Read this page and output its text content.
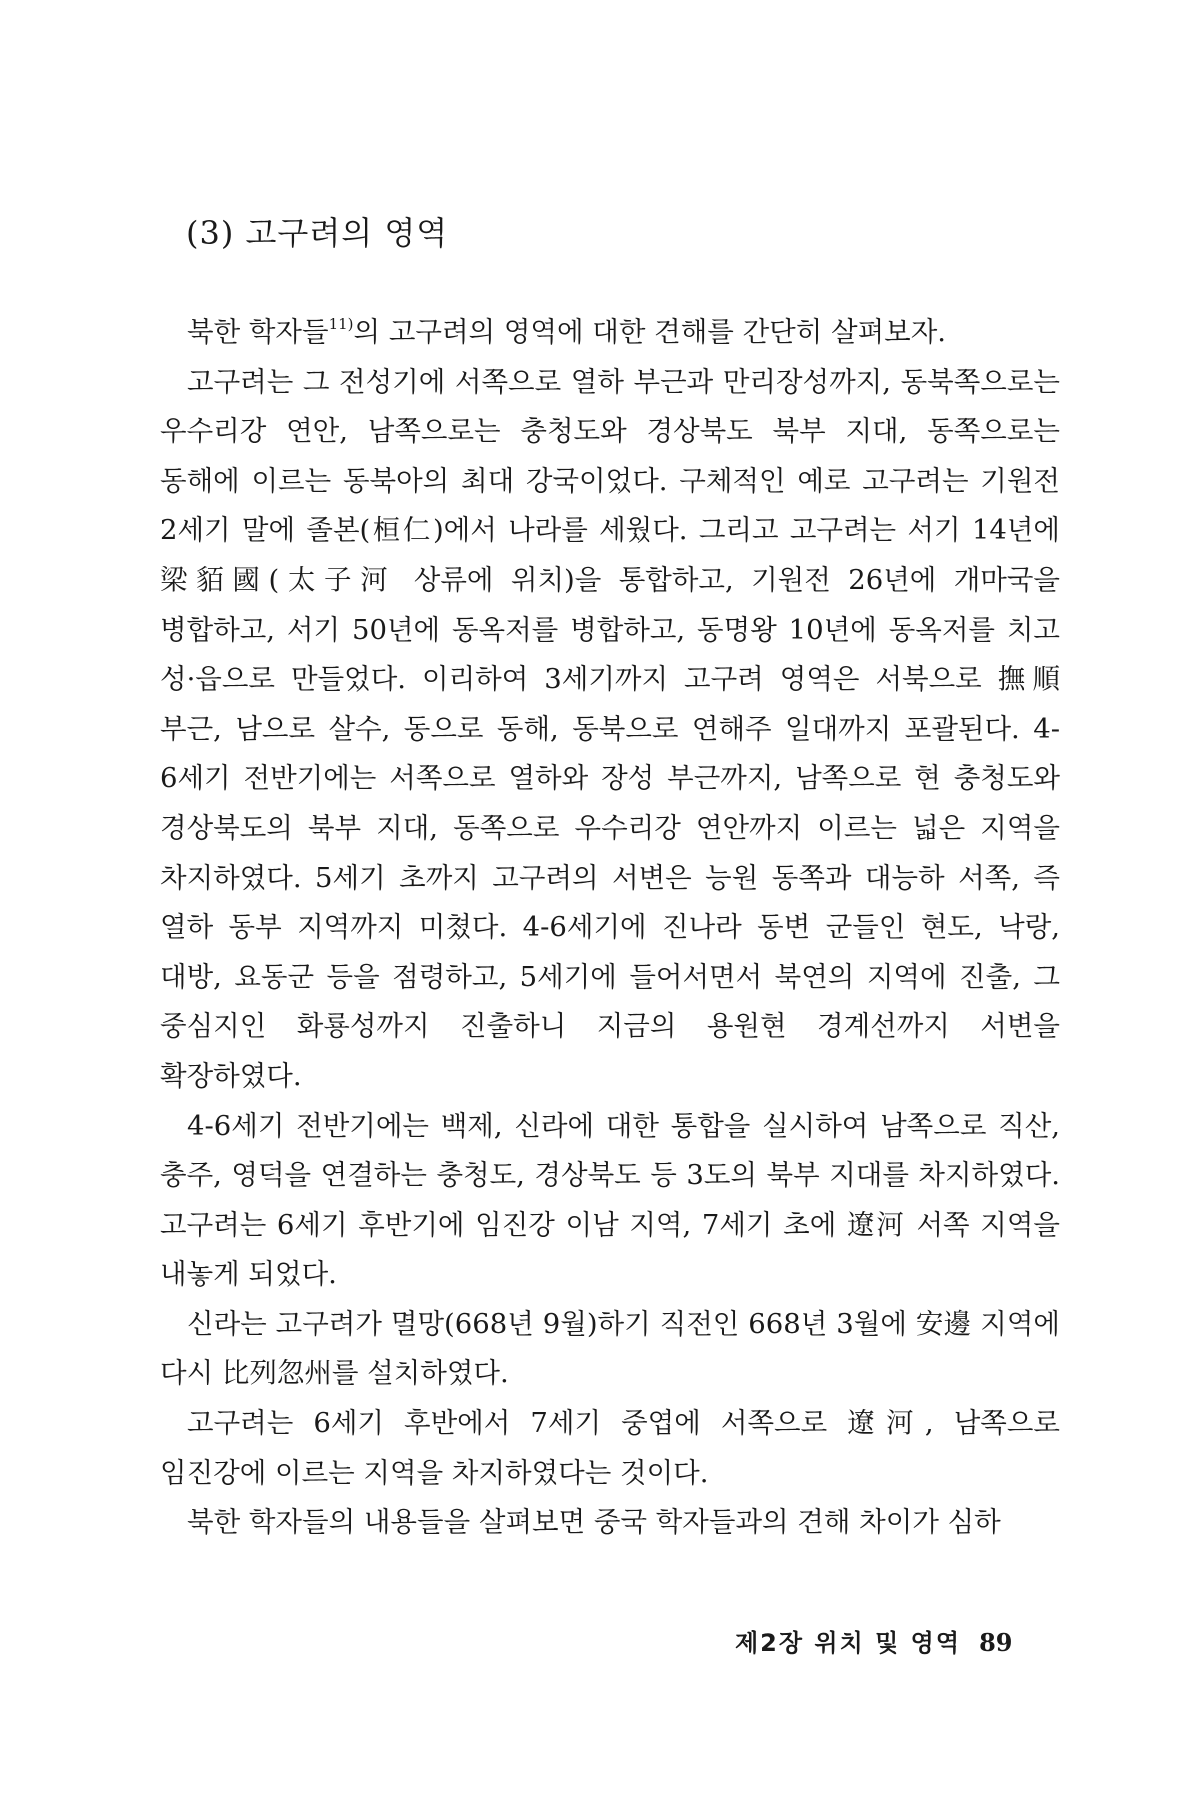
(3) 고구려의 영역

북한 학자들$^{11)}$의 고구려의 영역에 대한 견해를 간단히 살펴보자.

고구려는 그 전성기에 서쪽으로 열하 부근과 만리장성까지, 동북쪽으로는 우수리강 연안, 남쪽으로는 충청도와 경상북도 북부 지대, 동쪽으로는 동해에 이르는 동북아의 최대 강국이었다. 구체적인 예로 고구려는 기원전 2세기 말에 졸본(桓仁)에서 나라를 세웠다. 그리고 고구려는 서기 14년에 梁貊國(太子河 상류에 위치)을 통합하고, 기원전 26년에 개마국을 병합하고, 서기 50년에 동옥저를 병합하고, 동명왕 10년에 동옥저를 치고 성·읍으로 만들었다. 이리하여 3세기까지 고구려 영역은 서북으로 撫順 부근, 남으로 살수, 동으로 동해, 동북으로 연해주 일대까지 포괄된다. 4-6세기 전반기에는 서쪽으로 열하와 장성 부근까지, 남쪽으로 현 충청도와 경상북도의 북부 지대, 동쪽으로 우수리강 연안까지 이르는 넓은 지역을 차지하였다. 5세기 초까지 고구려의 서변은 능원 동쪽과 대능하 서쪽, 즉 열하 동부 지역까지 미쳤다. 4-6세기에 진나라 동변 군들인 현도, 낙랑, 대방, 요동군 등을 점령하고, 5세기에 들어서면서 북연의 지역에 진출, 그 중심지인 화룡성까지 진출하니 지금의 용원현 경계선까지 서변을 확장하였다.

4-6세기 전반기에는 백제, 신라에 대한 통합을 실시하여 남쪽으로 직산, 충주, 영덕을 연결하는 충청도, 경상북도 등 3도의 북부 지대를 차지하였다. 고구려는 6세기 후반기에 임진강 이남 지역, 7세기 초에 遼河 서쪽 지역을 내놓게 되었다.

신라는 고구려가 멸망(668년 9월)하기 직전인 668년 3월에 安邊 지역에 다시 比列忽州를 설치하였다.

고구려는 6세기 후반에서 7세기 중엽에 서쪽으로 遼河, 남쪽으로 임진강에 이르는 지역을 차지하였다는 것이다.

북한 학자들의 내용들을 살펴보면 중국 학자들과의 견해 차이가 심하

제2장 위치 및 영역 89
